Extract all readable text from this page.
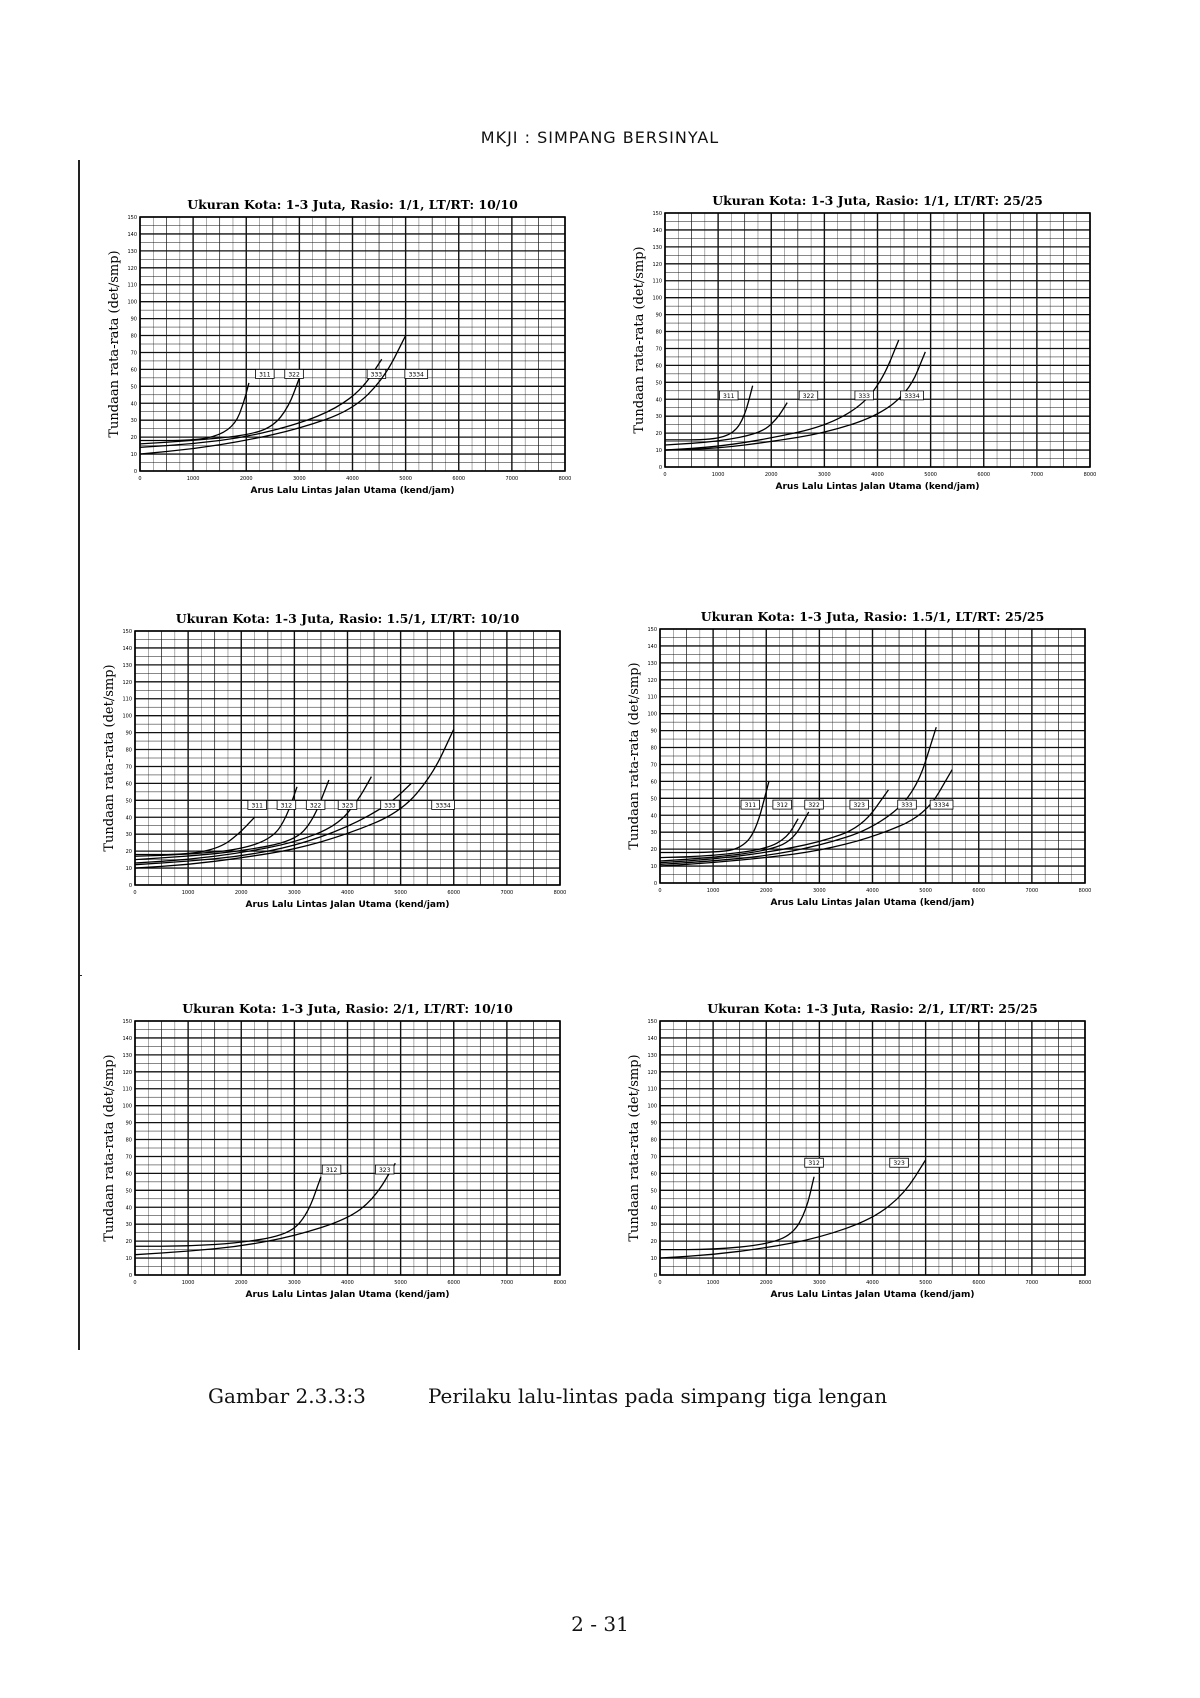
MKJI : SIMPANG BERSINYAL
Ukuran Kota: 1-3 Juta, Rasio: 1/1, LT/RT: 10/10
0
10
20
30
40
50
60
70
80
90
100
110
120
130
140
150
0	1000	2000	3000	4000	5000	6000	7000	8000
Arus Lalu Lintas Jalan Utama (kend/jam)
Tundaan rata-rata (det/smp)	311	322	333	3334
Ukuran Kota: 1-3 Juta, Rasio: 1/1, LT/RT: 25/25
0
10
20
30
40
50
60
70
80
90
100
110
120
130
140
150
0	1000	2000	3000	4000	5000	6000	7000	8000
Arus Lalu Lintas Jalan Utama (kend/jam)
Tundaan rata-rata (det/smp)	311	322	333	3334
Ukuran Kota: 1-3 Juta, Rasio: 1.5/1, LT/RT: 10/10
0
10
20
30
40
50
60
70
80
90
100
110
120
130
140
150
0	1000	2000	3000	4000	5000	6000	7000	8000
Arus Lalu Lintas Jalan Utama (kend/jam)
Tundaan rata-rata (det/smp)	311	312	322	323	333	3334
Ukuran Kota: 1-3 Juta, Rasio: 1.5/1, LT/RT: 25/25
0
10
20
30
40
50
60
70
80
90
100
110
120
130
140
150
0	1000	2000	3000	4000	5000	6000	7000	8000
Arus Lalu Lintas Jalan Utama (kend/jam)
Tundaan rata-rata (det/smp)	311	312	322	323	333	3334
Ukuran Kota: 1-3 Juta, Rasio: 2/1, LT/RT: 10/10
0
10
20
30
40
50
60
70
80
90
100
110
120
130
140
150
0	1000	2000	3000	4000	5000	6000	7000	8000
Arus Lalu Lintas Jalan Utama (kend/jam)
Tundaan rata-rata (det/smp)	312	323
Ukuran Kota: 1-3 Juta, Rasio: 2/1, LT/RT: 25/25
0
10
20
30
40
50
60
70
80
90
100
110
120
130
140
150
0	1000	2000	3000	4000	5000	6000	7000	8000
Arus Lalu Lintas Jalan Utama (kend/jam)
Tundaan rata-rata (det/smp)	312	323
Gambar 2.3.3:3	Perilaku lalu-lintas pada simpang tiga lengan
2 - 31
